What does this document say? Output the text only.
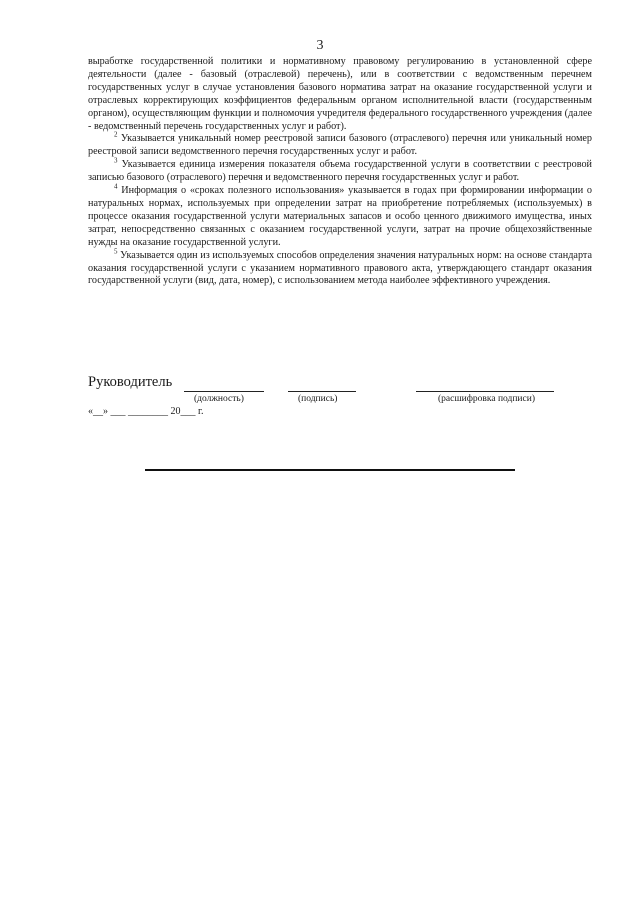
3

выработке государственной политики и нормативному правовому регулированию в установленной сфере деятельности (далее - базовый (отраслевой) перечень), или в соответствии с ведомственным перечнем государственных услуг в случае установления базового норматива затрат на оказание государственной услуги и отраслевых корректирующих коэффициентов федеральным органом исполнительной власти (государственным органом), осуществляющим функции и полномочия учредителя федерального государственного учреждения (далее - ведомственный перечень государственных услуг и работ).

$^2$ Указывается уникальный номер реестровой записи базового (отраслевого) перечня или уникальный номер реестровой записи ведомственного перечня государственных услуг и работ.

$^3$ Указывается единица измерения показателя объема государственной услуги в соответствии с реестровой записью базового (отраслевого) перечня и ведомственного перечня государственных услуг и работ.

$^4$ Информация о «сроках полезного использования» указывается в годах при формировании информации о натуральных нормах, используемых при определении затрат на приобретение потребляемых (используемых) в процессе оказания государственной услуги материальных запасов и особо ценного движимого имущества, иных затрат, непосредственно связанных с оказанием государственной услуги, затрат на прочие общехозяйственные нужды на оказание государственной услуги.

$^5$ Указывается один из используемых способов определения значения натуральных норм: на основе стандарта оказания государственной услуги с указанием нормативного правового акта, утверждающего стандарт оказания государственной услуги (вид, дата, номер), с использованием метода наиболее эффективного учреждения.

Руководитель
(должность)	(подпись)	(расшифровка подписи)
«__» ___ ________ 20___ г.
